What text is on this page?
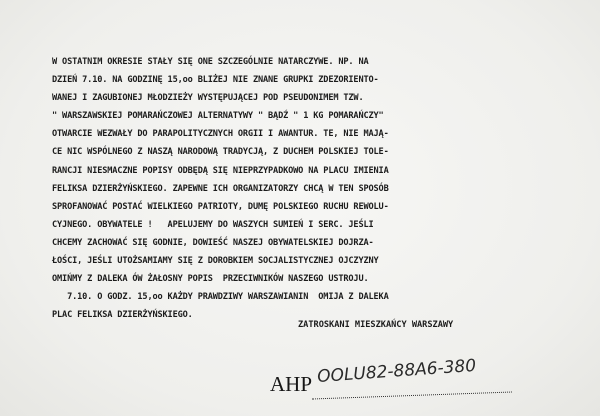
W OSTATNIM OKRESIE STAŁY SIĘ ONE SZCZEGÓLNIE NATARCZYWE. NP. NA
DZIEŃ 7.10. NA GODZINĘ 15,oo BLIŻEJ NIE ZNANE GRUPKI ZDEZORIENTO-
WANEJ I ZAGUBIONEJ MŁODZIEŻY WYSTĘPUJĄCEJ POD PSEUDONIMEM TZW.
" WARSZAWSKIEJ POMARAŃCZOWEJ ALTERNATYWY " BĄDŹ " 1 KG POMARAŃCZY"
OTWARCIE WEZWAŁY DO PARAPOLITYCZNYCH ORGII I AWANTUR. TE, NIE MAJĄ-
CE NIC WSPÓLNEGO Z NASZĄ NARODOWĄ TRADYCJĄ, Z DUCHEM POLSKIEJ TOLE-
RANCJI NIESMACZNE POPISY ODBĘDĄ SIĘ NIEPRZYPADKOWO NA PLACU IMIENIA
FELIKSA DZIERŻYŃSKIEGO. ZAPEWNE ICH ORGANIZATORZY CHCĄ W TEN SPOSÓB
SPROFANOWAĆ POSTAĆ WIELKIEGO PATRIOTY, DUMĘ POLSKIEGO RUCHU REWOLU-
CYJNEGO. OBYWATELE !   APELUJEMY DO WASZYCH SUMIEŃ I SERC. JEŚLI
CHCEMY ZACHOWAĆ SIĘ GODNIE, DOWIEŚĆ NASZEJ OBYWATELSKIEJ DOJRZA-
ŁOŚCI, JEŚLI UTOŻSAMIAMY SIĘ Z DOROBKIEM SOCJALISTYCZNEJ OJCZYZNY
OMIŃMY Z DALEKA ÓW ŻAŁOSNY POPIS  PRZECIWNIKÓW NASZEGO USTROJU.
7.10. O GODZ. 15,oo KAŻDY PRAWDZIWY WARSZAWIANIN  OMIJA Z DALEKA
PLAC FELIKSA DZIERŻYŃSKIEGO.
ZATROSKANI MIESZKAŃCY WARSZAWY
AHP OOLU82-88A6-380
